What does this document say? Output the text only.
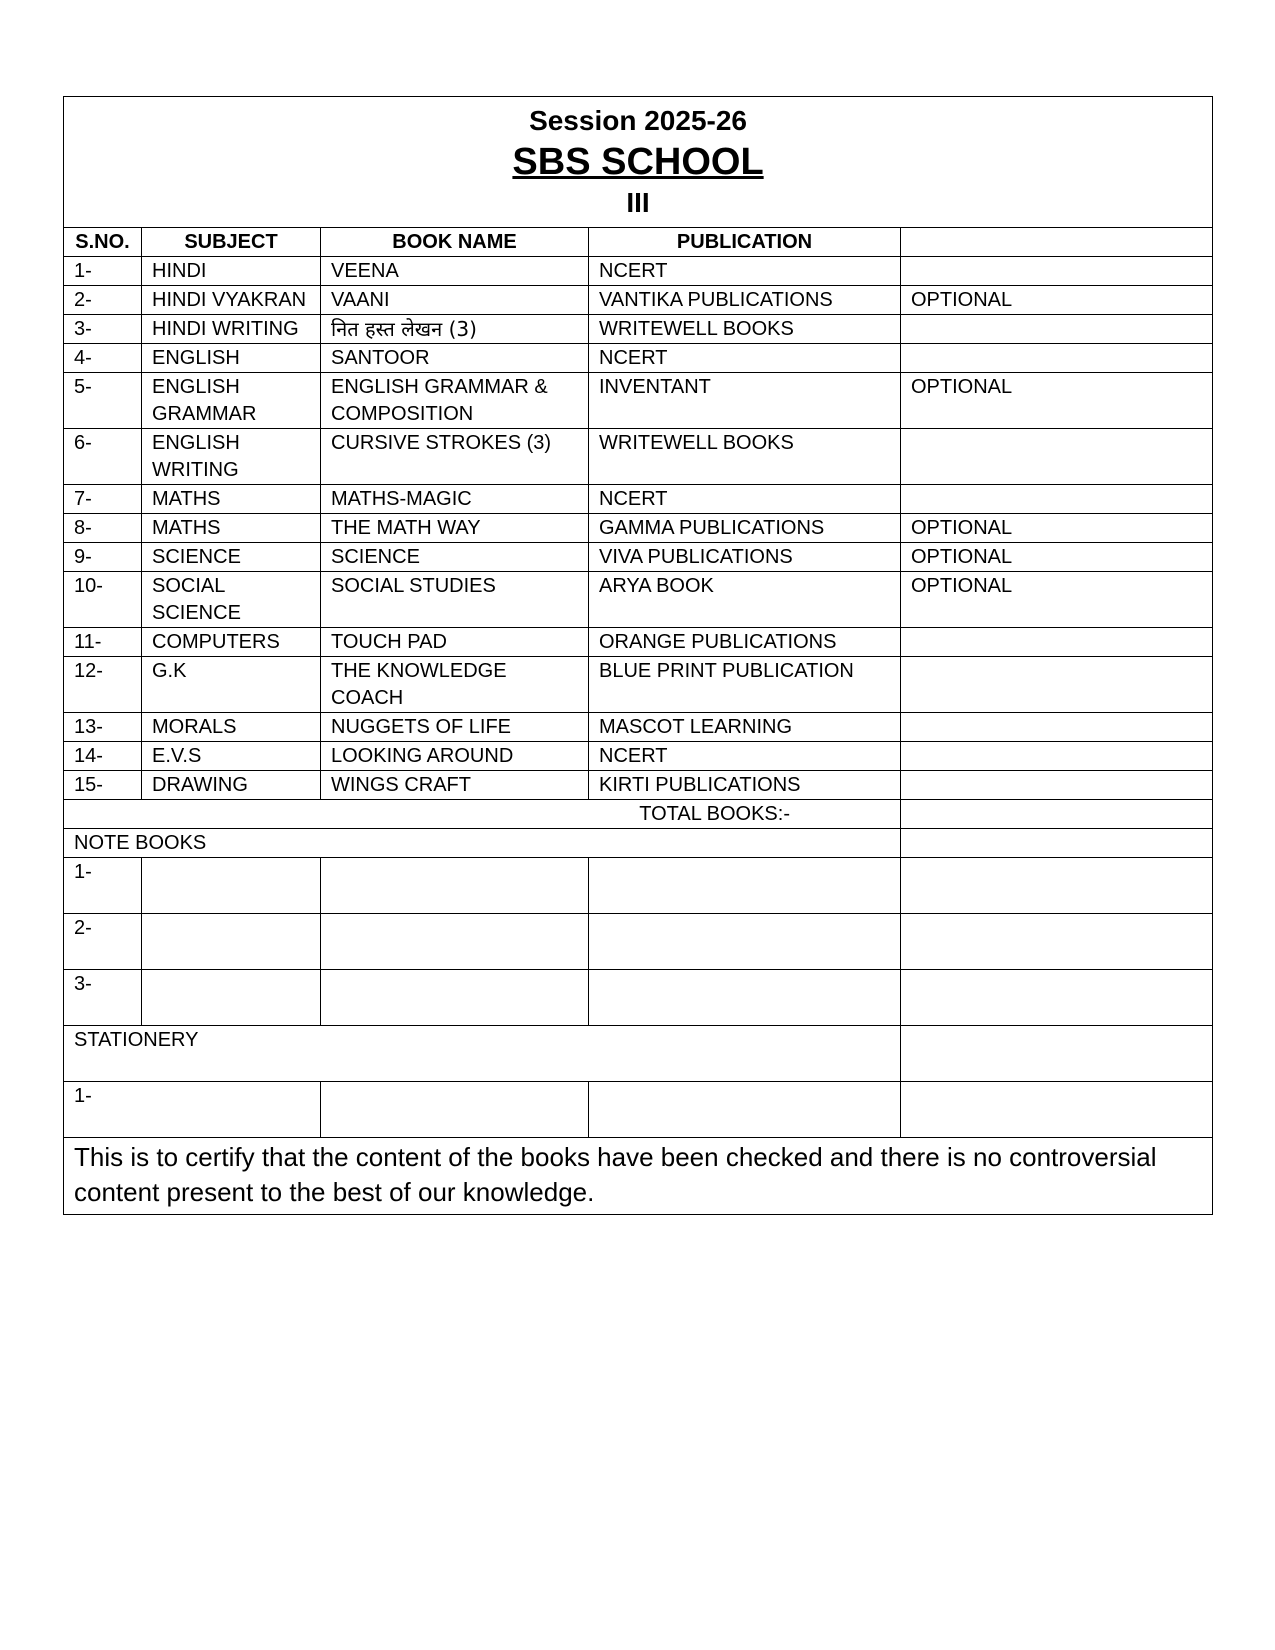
Session 2025-26
SBS SCHOOL
III				

S.NO.	SUBJECT	BOOK NAME	PUBLICATION	
1-	HINDI	VEENA	NCERT	
2-	HINDI VYAKRAN	VAANI	VANTIKA PUBLICATIONS	OPTIONAL
3-	HINDI WRITING	नित हस्त लेखन (3)	WRITEWELL BOOKS	
4-	ENGLISH	SANTOOR	NCERT	
5-	ENGLISH GRAMMAR	ENGLISH GRAMMAR & COMPOSITION	INVENTANT	OPTIONAL
6-	ENGLISH WRITING	CURSIVE STROKES (3)	WRITEWELL BOOKS	
7-	MATHS	MATHS-MAGIC	NCERT	
8-	MATHS	THE MATH WAY	GAMMA PUBLICATIONS	OPTIONAL
9-	SCIENCE	SCIENCE	VIVA PUBLICATIONS	OPTIONAL
10-	SOCIAL SCIENCE	SOCIAL STUDIES	ARYA BOOK	OPTIONAL
11-	COMPUTERS	TOUCH PAD	ORANGE PUBLICATIONS	
12-	G.K	THE KNOWLEDGE COACH	BLUE PRINT PUBLICATION	
13-	MORALS	NUGGETS OF LIFE	MASCOT LEARNING	
14-	E.V.S	LOOKING AROUND	NCERT	
15-	DRAWING	WINGS CRAFT	KIRTI PUBLICATIONS	
TOTAL BOOKS:-				
NOTE BOOKS				
1-				
2-				
3-				
STATIONERY				
1-				
This is to certify that the content of the books have been checked and there is no controversial content present to the best of our knowledge.				
